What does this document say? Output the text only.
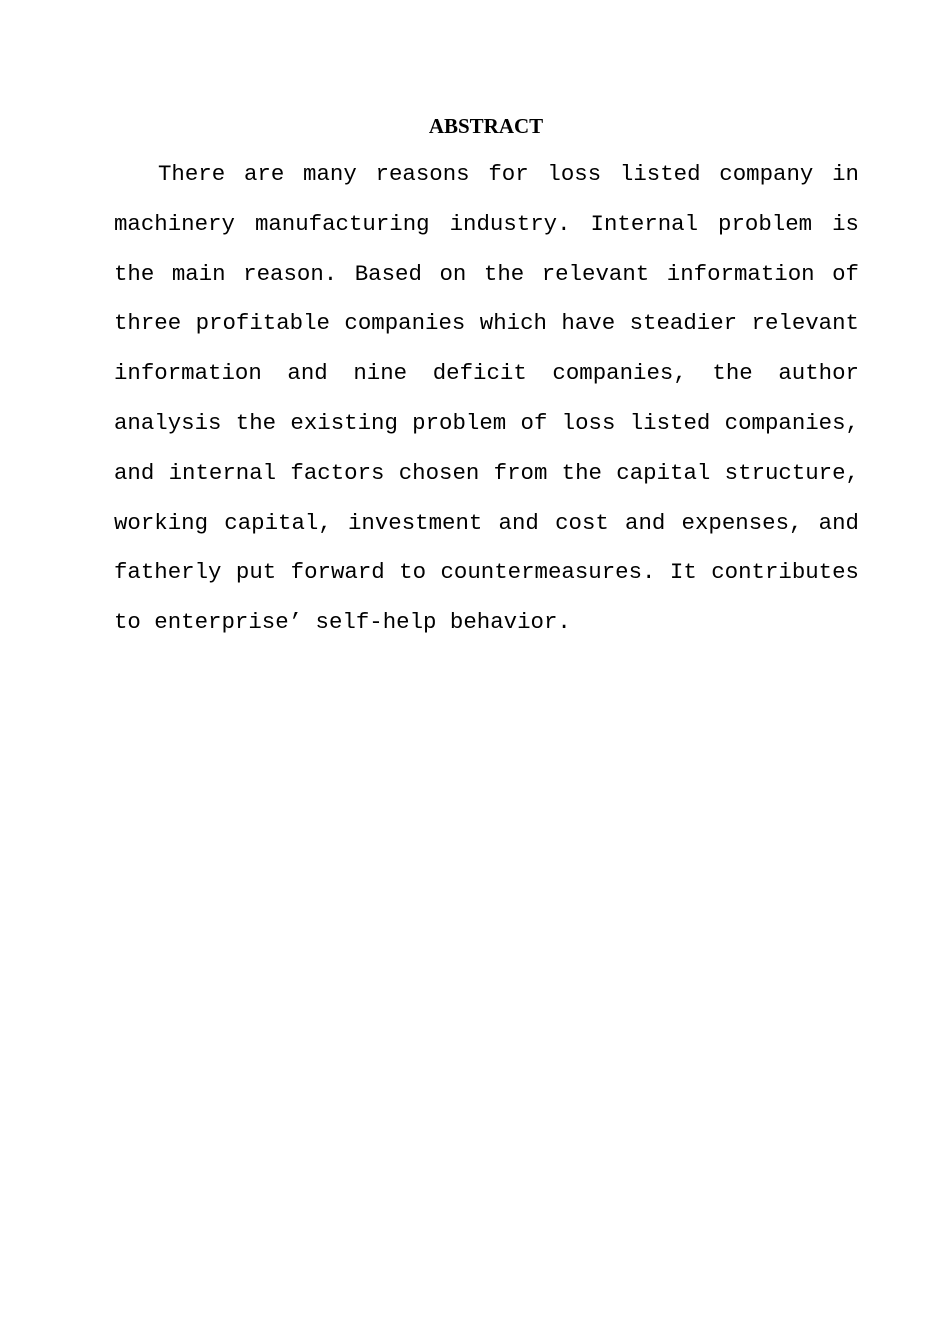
ABSTRACT

There are many reasons for loss listed company in machinery manufacturing industry. Internal problem is the main reason. Based on the relevant information of three profitable companies which have steadier relevant information and nine deficit companies, the author analysis the existing problem of loss listed companies, and internal factors chosen from the capital structure, working capital, investment and cost and expenses, and fatherly put forward to countermeasures. It contributes to enterprise’ self-help behavior.
